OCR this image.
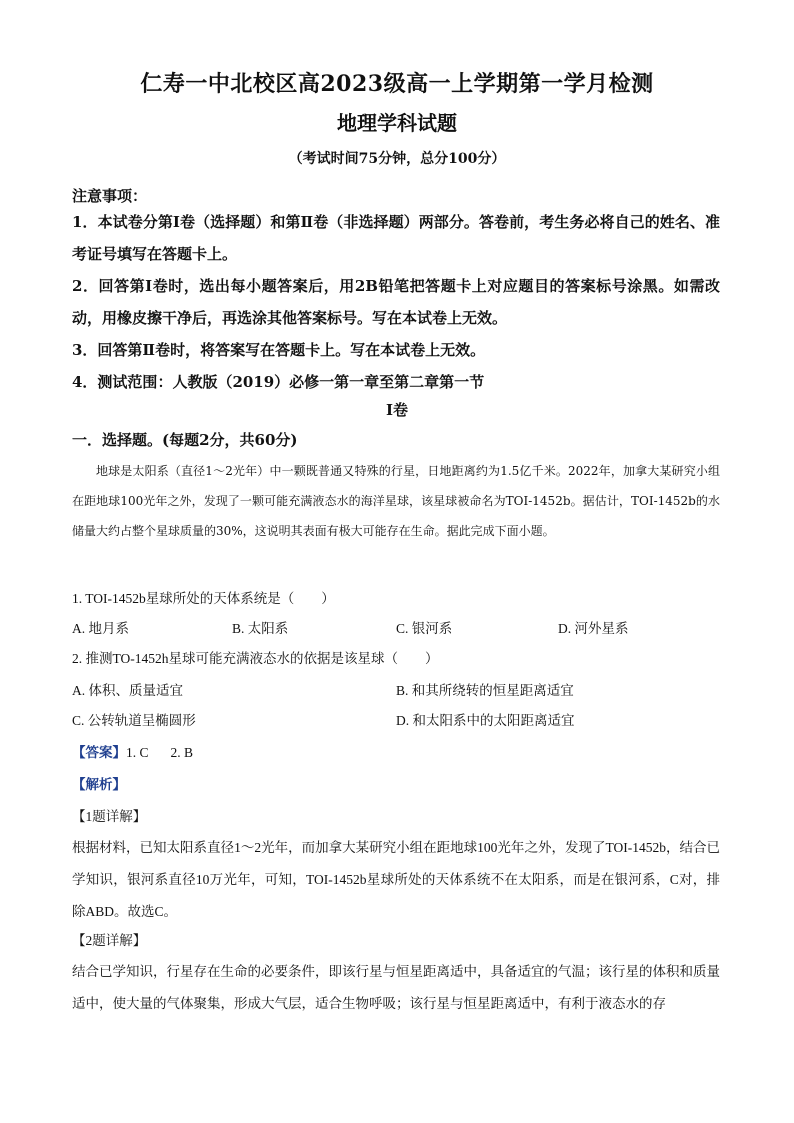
仁寿一中北校区高2023级高一上学期第一学月检测
地理学科试题
（考试时间75分钟，总分100分）
注意事项：

1．本试卷分第Ⅰ卷（选择题）和第Ⅱ卷（非选择题）两部分。答卷前，考生务必将自己的姓名、准考证号填写在答题卡上。

2．回答第Ⅰ卷时，选出每小题答案后，用2B铅笔把答题卡上对应题目的答案标号涂黑。如需改动，用橡皮擦干净后，再选涂其他答案标号。写在本试卷上无效。

3．回答第Ⅱ卷时，将答案写在答题卡上。写在本试卷上无效。

4．测试范围：人教版（2019）必修一第一章至第二章第一节

Ⅰ卷
一．选择题。(每题2分，共60分)
地球是太阳系（直径1～2光年）中一颗既普通又特殊的行星，日地距离约为1.5亿千米。2022年，加拿大某研究小组在距地球100光年之外，发现了一颗可能充满液态水的海洋星球，该星球被命名为TOI-1452b。据估计，TOI-1452b的水储量大约占整个星球质量的30%，这说明其表面有极大可能存在生命。据此完成下面小题。
1. TOI-1452b星球所处的天体系统是（　　）
A. 地月系	B. 太阳系	C. 银河系	D. 河外星系
2. 推测TO-1452h星球可能充满液态水的依据是该星球（　　）
A. 体积、质量适宜	B. 和其所绕转的恒星距离适宜
C. 公转轨道呈椭圆形	D. 和太阳系中的太阳距离适宜
【答案】1. C 2. B
【解析】
【1题详解】
根据材料，已知太阳系直径1～2光年，而加拿大某研究小组在距地球100光年之外，发现了TOI-1452b，结合已学知识，银河系直径10万光年，可知，TOI-1452b星球所处的天体系统不在太阳系，而是在银河系，C对，排除ABD。故选C。
【2题详解】
结合已学知识，行星存在生命的必要条件，即该行星与恒星距离适中，具备适宜的气温；该行星的体积和质量适中，使大量的气体聚集，形成大气层，适合生物呼吸；该行星与恒星距离适中，有利于液态水的存
